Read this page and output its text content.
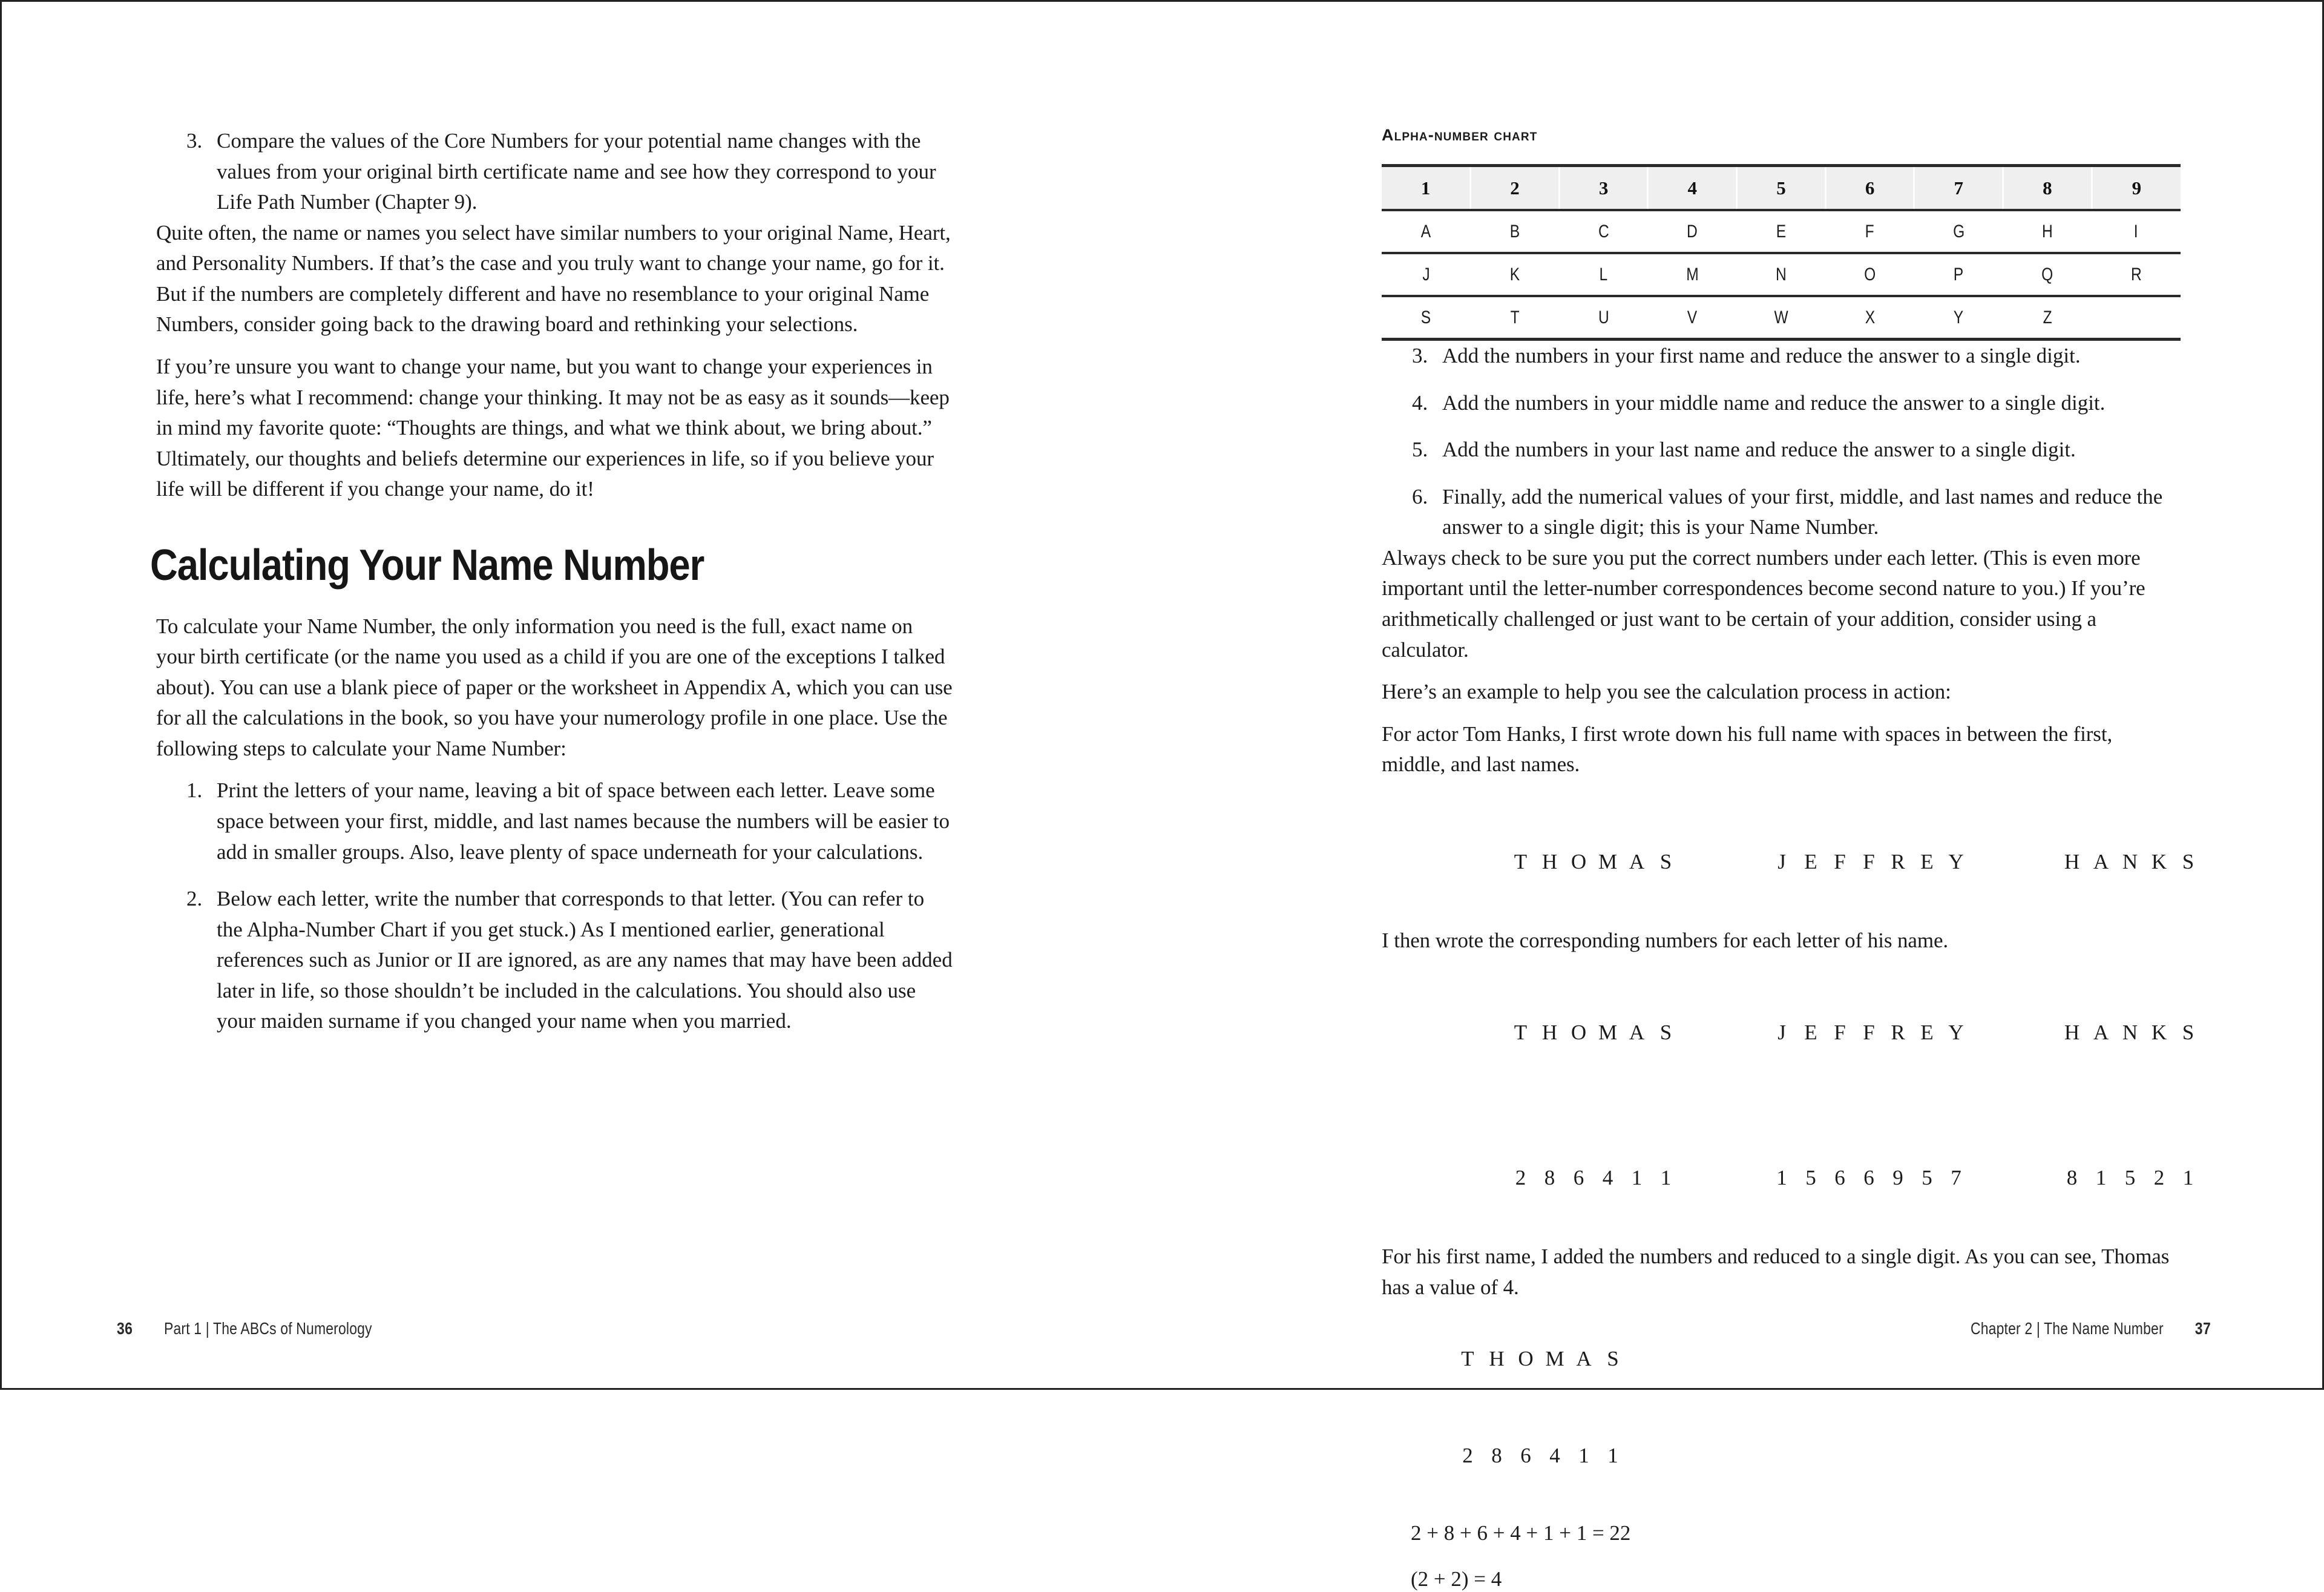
3. Compare the values of the Core Numbers for your potential name changes with the values from your original birth certificate name and see how they correspond to your Life Path Number (Chapter 9).

Quite often, the name or names you select have similar numbers to your original Name, Heart, and Personality Numbers. If that’s the case and you truly want to change your name, go for it. But if the numbers are completely different and have no resemblance to your original Name Numbers, consider going back to the drawing board and rethinking your selections.

If you’re unsure you want to change your name, but you want to change your experiences in life, here’s what I recommend: change your thinking. It may not be as easy as it sounds—keep in mind my favorite quote: “Thoughts are things, and what we think about, we bring about.” Ultimately, our thoughts and beliefs determine our experiences in life, so if you believe your life will be different if you change your name, do it!

Calculating Your Name Number

To calculate your Name Number, the only information you need is the full, exact name on your birth certificate (or the name you used as a child if you are one of the exceptions I talked about). You can use a blank piece of paper or the worksheet in Appendix A, which you can use for all the calculations in the book, so you have your numerology profile in one place. Use the following steps to calculate your Name Number:

1. Print the letters of your name, leaving a bit of space between each letter. Leave some space between your first, middle, and last names because the numbers will be easier to add in smaller groups. Also, leave plenty of space underneath for your calculations.
2. Below each letter, write the number that corresponds to that letter. (You can refer to the Alpha-Number Chart if you get stuck.) As I mentioned earlier, generational references such as Junior or II are ignored, as are any names that may have been added later in life, so those shouldn’t be included in the calculations. You should also use your maiden surname if you changed your name when you married.
36 Part 1 | The ABCs of Numerology
Alpha-number chart
1	2	3	4	5	6	7	8	9
A	B	C	D	E	F	G	H	I
J	K	L	M	N	O	P	Q	R
S	T	U	V	W	X	Y	Z	
3. Add the numbers in your first name and reduce the answer to a single digit.
4. Add the numbers in your middle name and reduce the answer to a single digit.
5. Add the numbers in your last name and reduce the answer to a single digit.
6. Finally, add the numerical values of your first, middle, and last names and reduce the answer to a single digit; this is your Name Number.

Always check to be sure you put the correct numbers under each letter. (This is even more important until the letter-number correspondences become second nature to you.) If you’re arithmetically challenged or just want to be certain of your addition, consider using a calculator.

Here’s an example to help you see the calculation process in action:

For actor Tom Hanks, I first wrote down his full name with spaces in between the first, middle, and last names.

T H O M A S
	J E F F R E Y
	H A N K S

I then wrote the corresponding numbers for each letter of his name.

T H O M A S
	J E F F R E Y
	H A N K S

2 8 6 4 1 1
	1 5 6 6 9 5 7
	8 1 5 2 1

For his first name, I added the numbers and reduced to a single digit. As you can see, Thomas has a value of 4.

T H O M A S

2 8 6 4 1 1

2 + 8 + 6 + 4 + 1 + 1 = 22
(2 + 2) = 4
Chapter 2 | The Name Number 37
